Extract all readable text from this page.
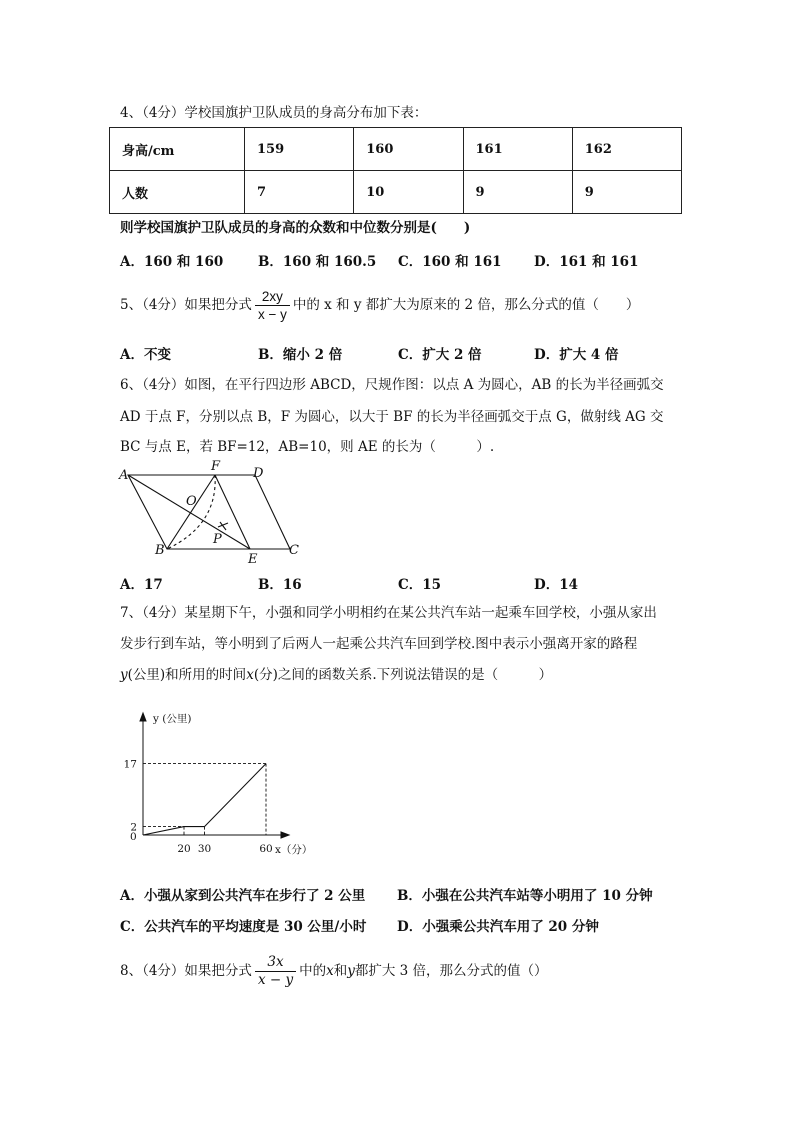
4、（4分）学校国旗护卫队成员的身高分布加下表：
身高/cm	159	160	161	162
人数	7	10	9	9
则学校国旗护卫队成员的身高的众数和中位数分别是(　　)
A．160 和 160	B．160 和 160.5 C．160 和 161 D．161 和 161
5、（4分）如果把分式 $\frac{2xy}{x - y}$ 中的 x 和 y 都扩大为原来的 2 倍，那么分式的值（　　）
A．不变	B．缩小 2 倍	C．扩大 2 倍	D．扩大 4 倍
6、（4分）如图，在平行四边形 ABCD，尺规作图：以点 A 为圆心，AB 的长为半径画弧交
AD 于点 F，分别以点 B，F 为圆心，以大于 BF 的长为半径画弧交于点 G，做射线 AG 交
BC 与点 E，若 BF=12，AB=10，则 AE 的长为（　　　）.
A
F	D
O
P
B
E
C
A．17	B．16	C．15	D．14
7、（4分）某星期下午，小强和同学小明相约在某公共汽车站一起乘车回学校，小强从家出
发步行到车站，等小明到了后两人一起乘公共汽车回到学校.图中表示小强离开家的路程
y(公里)和所用的时间x(分)之间的函数关系.下列说法错误的是（　　　）
y (公里)
x（分）
0
20 30	60
17
2
A．小强从家到公共汽车在步行了 2 公里 B．小强在公共汽车站等小明用了 10 分钟
C．公共汽车的平均速度是 30 公里/小时 D．小强乘公共汽车用了 20 分钟
8、（4分）如果把分式 $\frac{3x}{x - y}$ 中的x和y都扩大 3 倍，那么分式的值（）
